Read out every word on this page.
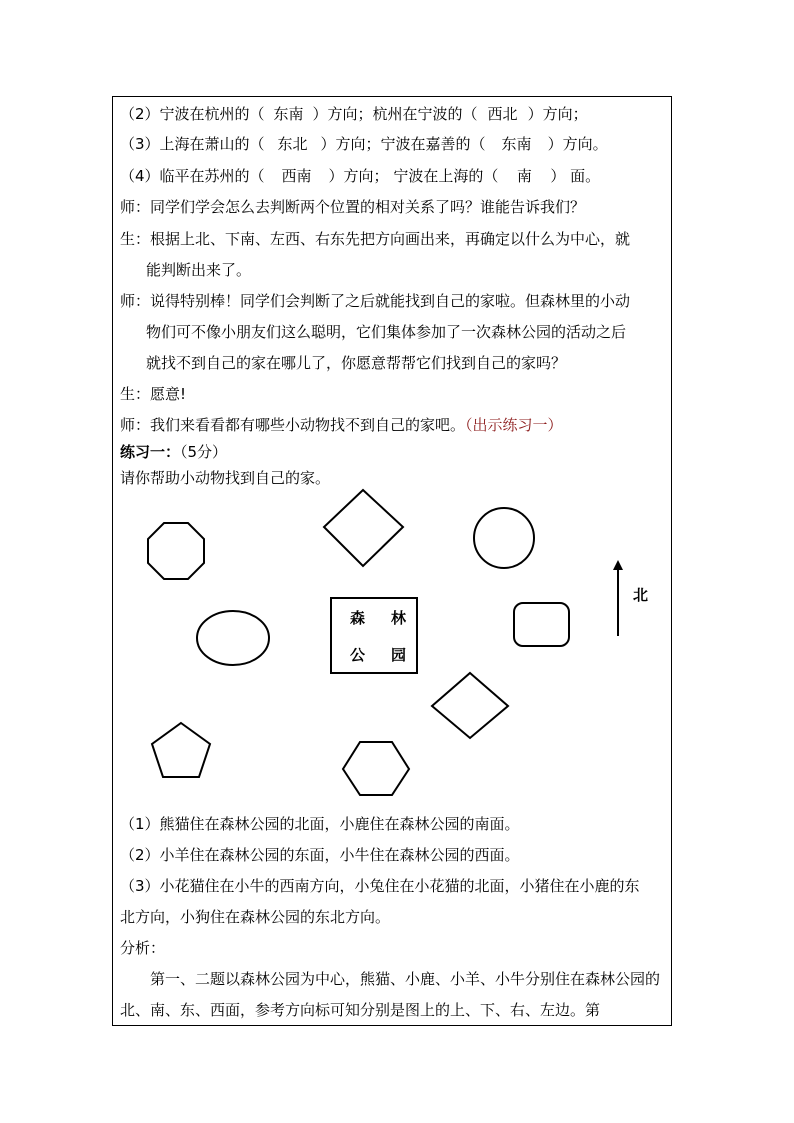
（2）宁波在杭州的（ 东南 ）方向；杭州在宁波的（ 西北 ）方向；
（3）上海在萧山的（ 东北 ）方向；宁波在嘉善的（ 东南 ）方向。
（4）临平在苏州的（ 西南 ）方向； 宁波在上海的（ 南 ） 面。
师：同学们学会怎么去判断两个位置的相对关系了吗？谁能告诉我们？
生：根据上北、下南、左西、右东先把方向画出来，再确定以什么为中心，就
能判断出来了。
师：说得特别棒！同学们会判断了之后就能找到自己的家啦。但森林里的小动
物们可不像小朋友们这么聪明，它们集体参加了一次森林公园的活动之后
就找不到自己的家在哪儿了，你愿意帮帮它们找到自己的家吗？
生：愿意!
师：我们来看看都有哪些小动物找不到自己的家吧。（出示练习一）
练习一：（5分）
请你帮助小动物找到自己的家。
森 林
公 园
北
（1）熊猫住在森林公园的北面，小鹿住在森林公园的南面。
（2）小羊住在森林公园的东面，小牛住在森林公园的西面。
（3）小花猫住在小牛的西南方向，小兔住在小花猫的北面，小猪住在小鹿的东
北方向，小狗住在森林公园的东北方向。
分析：
第一、二题以森林公园为中心，熊猫、小鹿、小羊、小牛分别住在森林公园的北、南、东、西面，参考方向标可知分别是图上的上、下、右、左边。第
